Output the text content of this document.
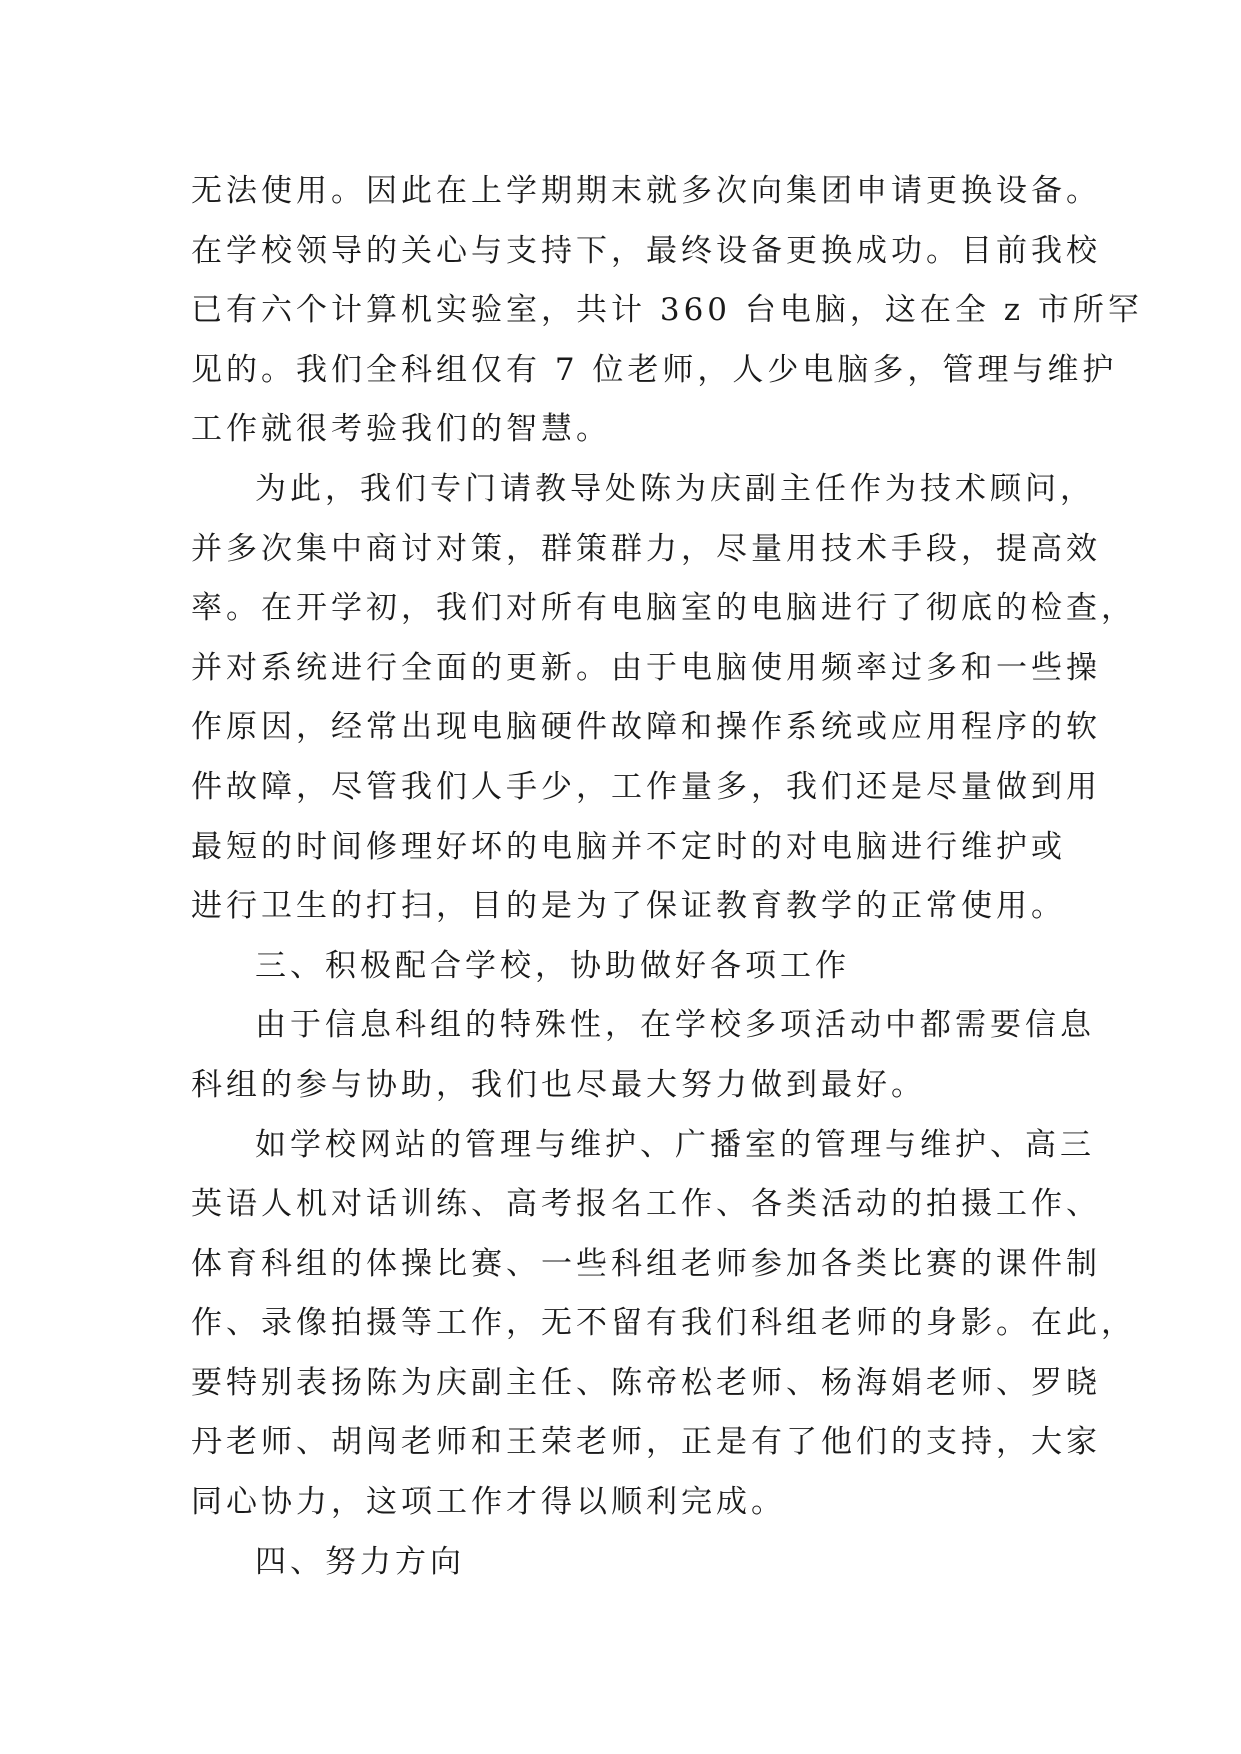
无法使用。因此在上学期期末就多次向集团申请更换设备。
在学校领导的关心与支持下，最终设备更换成功。目前我校
已有六个计算机实验室，共计 360 台电脑，这在全 z 市所罕
见的。我们全科组仅有 7 位老师，人少电脑多，管理与维护
工作就很考验我们的智慧。
为此，我们专门请教导处陈为庆副主任作为技术顾问，
并多次集中商讨对策，群策群力，尽量用技术手段，提高效
率。在开学初，我们对所有电脑室的电脑进行了彻底的检查，
并对系统进行全面的更新。由于电脑使用频率过多和一些操
作原因，经常出现电脑硬件故障和操作系统或应用程序的软
件故障，尽管我们人手少，工作量多，我们还是尽量做到用
最短的时间修理好坏的电脑并不定时的对电脑进行维护或
进行卫生的打扫，目的是为了保证教育教学的正常使用。
三、积极配合学校，协助做好各项工作
由于信息科组的特殊性，在学校多项活动中都需要信息
科组的参与协助，我们也尽最大努力做到最好。
如学校网站的管理与维护、广播室的管理与维护、高三
英语人机对话训练、高考报名工作、各类活动的拍摄工作、
体育科组的体操比赛、一些科组老师参加各类比赛的课件制
作、录像拍摄等工作，无不留有我们科组老师的身影。在此，
要特别表扬陈为庆副主任、陈帝松老师、杨海娟老师、罗晓
丹老师、胡闯老师和王荣老师，正是有了他们的支持，大家
同心协力，这项工作才得以顺利完成。
四、努力方向
